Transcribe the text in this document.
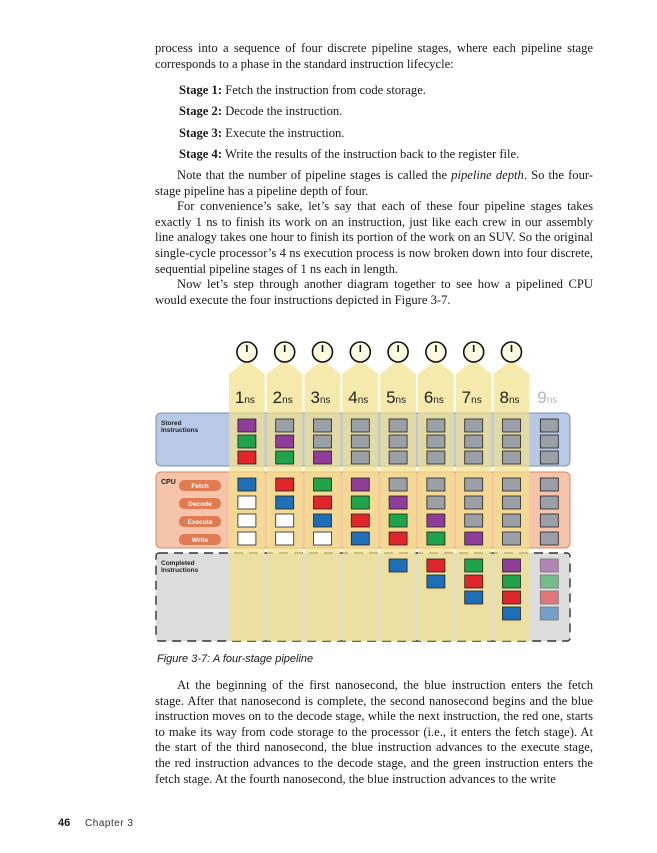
process into a sequence of four discrete pipeline stages, where each pipeline stage corresponds to a phase in the standard instruction lifecycle:

Stage 1: Fetch the instruction from code storage.

Stage 2: Decode the instruction.

Stage 3: Execute the instruction.

Stage 4: Write the results of the instruction back to the register file.

Note that the number of pipeline stages is called the pipeline depth. So the four-stage pipeline has a pipeline depth of four.

For convenience’s sake, let’s say that each of these four pipeline stages takes exactly 1 ns to finish its work on an instruction, just like each crew in our assembly line analogy takes one hour to finish its portion of the work on an SUV. So the original single-cycle processor’s 4 ns execution process is now broken down into four discrete, sequential pipeline stages of 1 ns each in length.

Now let’s step through another diagram together to see how a pipelined CPU would execute the four instructions depicted in Figure 3-7.

1ns 2ns 3ns 4ns 5ns 6ns 7ns 8ns 9ns
Stored
Instructions
CPU
Fetch
Decode
Execute
Write
Completed
Instructions
Figure 3-7: A four-stage pipeline

At the beginning of the first nanosecond, the blue instruction enters the fetch stage. After that nanosecond is complete, the second nanosecond begins and the blue instruction moves on to the decode stage, while the next instruction, the red one, starts to make its way from code storage to the processor (i.e., it enters the fetch stage). At the start of the third nanosecond, the blue instruction advances to the execute stage, the red instruction advances to the decode stage, and the green instruction enters the fetch stage. At the fourth nanosecond, the blue instruction advances to the write

46 Chapter 3
